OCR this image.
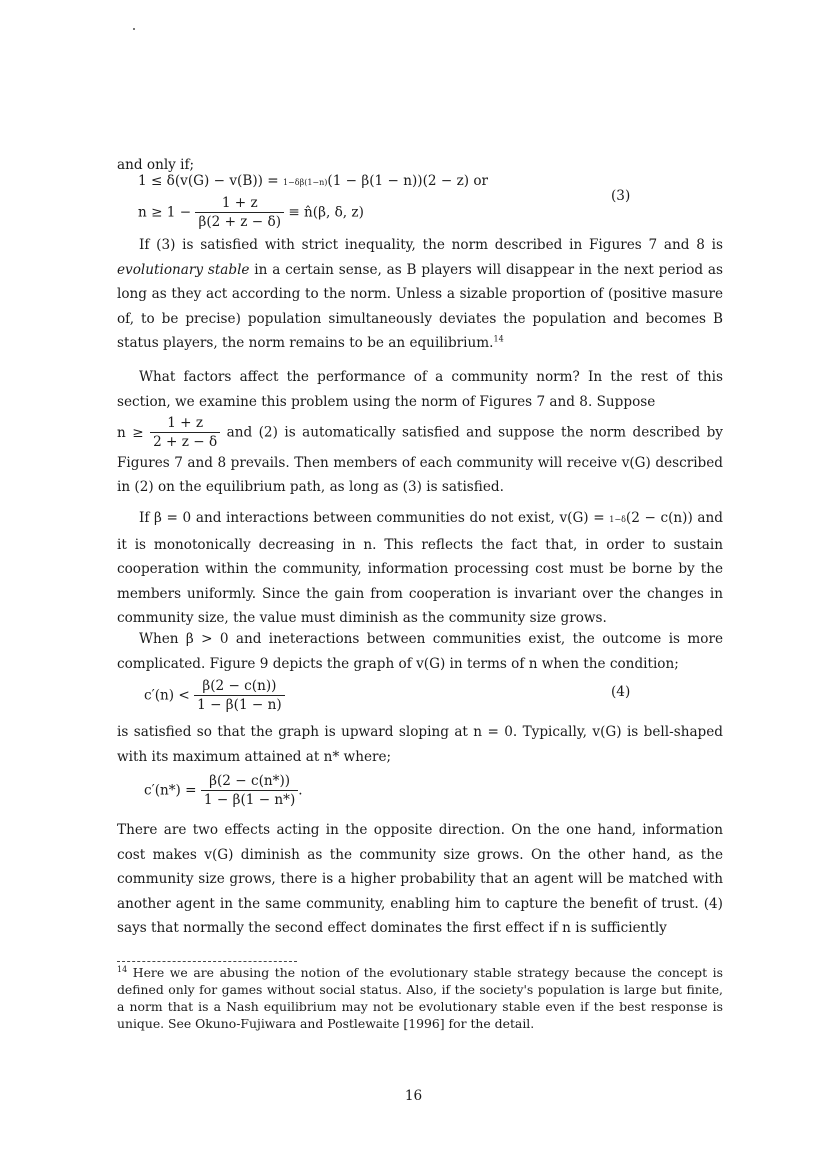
and only if;

1 ≤ δ(v(G) − v(B)) = 1−δβ(1−n)(1 − β(1 − n))(2 − z) or
$n \ge 1 - \frac{1 + z}{\beta(2 + z - \delta)}$ ≡ n̂(β, δ, z)
(3)

If (3) is satisfied with strict inequality, the norm described in Figures 7 and 8 is evolutionary stable in a certain sense, as B players will disappear in the next period as long as they act according to the norm. Unless a sizable proportion of (positive masure of, to be precise) population simultaneously deviates the population and becomes B status players, the norm remains to be an equilibrium.$^{14}$

What factors affect the performance of a community norm? In the rest of this section, we examine this problem using the norm of Figures 7 and 8. Suppose

$n \ge \frac{1 + z}{2 + z - \delta}$ and (2) is automatically satisfied and suppose the norm described by Figures 7 and 8 prevails. Then members of each community will receive v(G) described in (2) on the equilibrium path, as long as (3) is satisfied.

If β = 0 and interactions between communities do not exist, v(G) = 1−δ(2 − c(n)) and it is monotonically decreasing in n. This reflects the fact that, in order to sustain cooperation within the community, information processing cost must be borne by the members uniformly. Since the gain from cooperation is invariant over the changes in community size, the value must diminish as the community size grows.

When β > 0 and ineteractions between communities exist, the outcome is more complicated. Figure 9 depicts the graph of v(G) in terms of n when the condition;

$c'(n) < \frac{\beta(2 - c(n))}{1 - \beta(1 - n)}$	(4)

is satisfied so that the graph is upward sloping at n = 0. Typically, v(G) is bell-shaped with its maximum attained at n* where;

$c'(n*) = \frac{\beta(2 - c(n*))}{1 - \beta(1 - n*)}$ .

There are two effects acting in the opposite direction. On the one hand, information cost makes v(G) diminish as the community size grows. On the other hand, as the community size grows, there is a higher probability that an agent will be matched with another agent in the same community, enabling him to capture the benefit of trust. (4) says that normally the second effect dominates the first effect if n is sufficiently

$^{14}$ Here we are abusing the notion of the evolutionary stable strategy because the concept is defined only for games without social status. Also, if the society's population is large but finite, a norm that is a Nash equilibrium may not be evolutionary stable even if the best response is unique. See Okuno-Fujiwara and Postlewaite [1996] for the detail.

16
